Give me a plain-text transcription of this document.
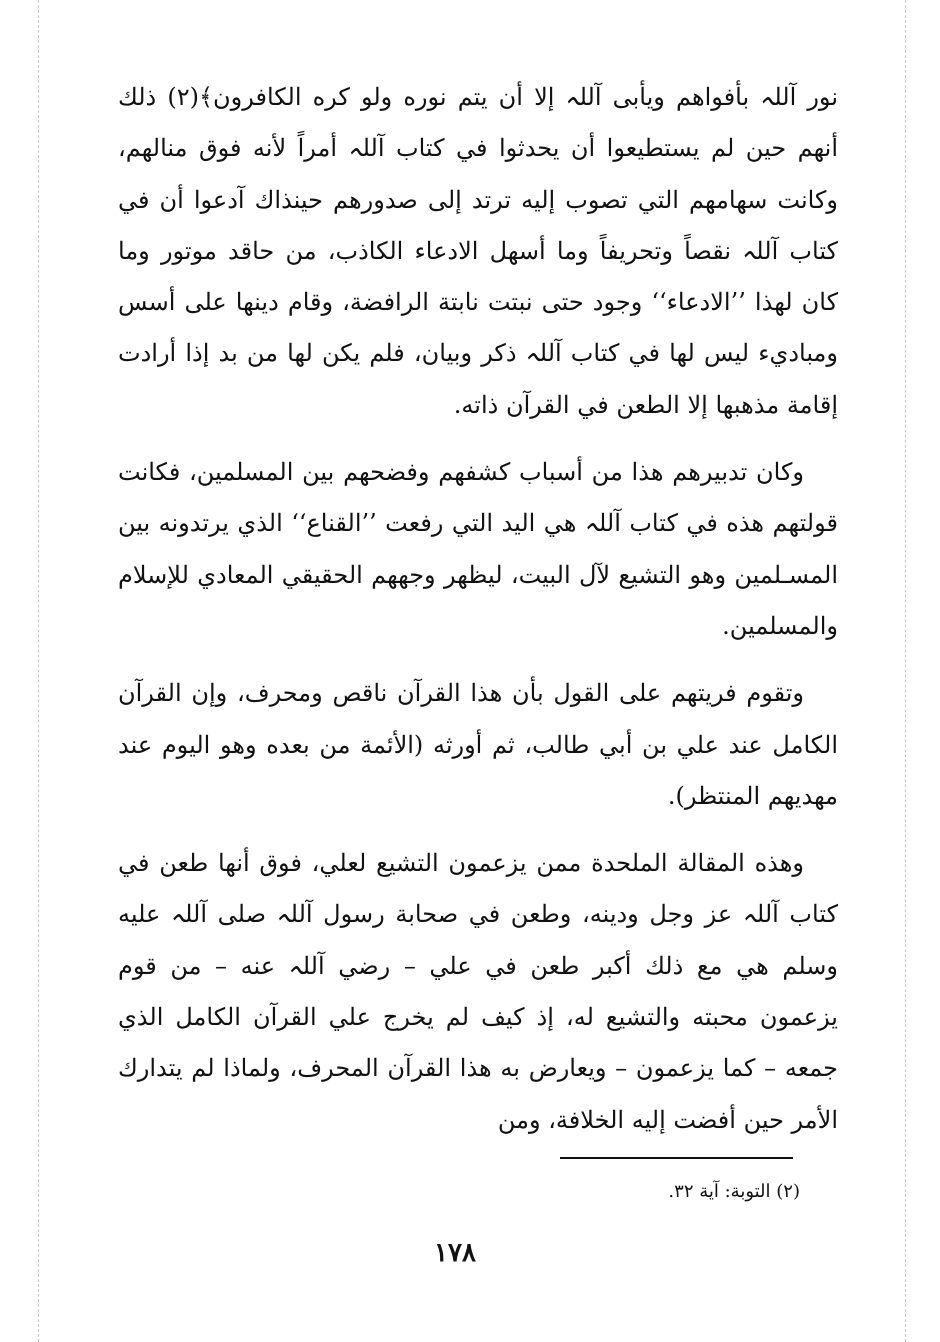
نور آللہ بأفواهم ويأبى آللہ إلا أن يتم نوره ولو كره الكافرون﴾(٢) ذلك أنهم حين لم يستطيعوا أن يحدثوا في كتاب آللہ أمراً لأنه فوق منالهم، وكانت سهامهم التي تصوب إليه ترتد إلى صدورهم حينذاك آدعوا أن في كتاب آللہ نقصاً وتحريفاً وما أسهل الادعاء الكاذب، من حاقد موتور وما كان لهذا ’’الادعاء‘‘ وجود حتى نبتت نابتة الرافضة، وقام دينها على أسس ومباديء ليس لها في كتاب آللہ ذكر وبيان، فلم يكن لها من بد إذا أرادت إقامة مذهبها إلا الطعن في القرآن ذاته.

وكان تدبيرهم هذا من أسباب كشفهم وفضحهم بين المسلمين، فكانت قولتهم هذه في كتاب آللہ هي اليد التي رفعت ’’القناع‘‘ الذي يرتدونه بين المسـلمين وهو التشيع لآل البيت، ليظهر وجههم الحقيقي المعادي للإسلام والمسلمين.

وتقوم فريتهم على القول بأن هذا القرآن ناقص ومحرف، وإن القرآن الكامل عند علي بن أبي طالب، ثم أورثه (الأئمة من بعده وهو اليوم عند مهديهم المنتظر).

وهذه المقالة الملحدة ممن يزعمون التشيع لعلي، فوق أنها طعن في كتاب آللہ عز وجل ودينه، وطعن في صحابة رسول آللہ صلى آللہ عليه وسلم هي مع ذلك أكبر طعن في علي – رضي آللہ عنه – من قوم يزعمون محبته والتشيع له، إذ كيف لم يخرج علي القرآن الكامل الذي جمعه – كما يزعمون – ويعارض به هذا القرآن المحرف، ولماذا لم يتدارك الأمر حين أفضت إليه الخلافة، ومن

(٢) التوبة: آية ٣٢.
١٧٨
